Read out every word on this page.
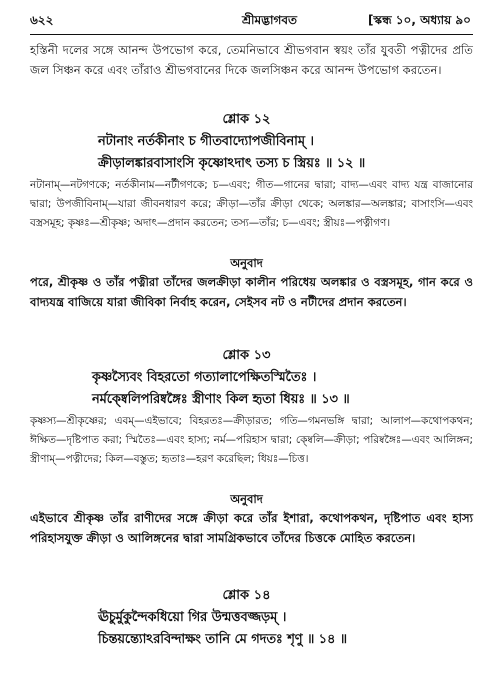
৬২২	শ্রীমদ্ভাগবত	[স্কন্ধ ১০, অধ্যায় ৯০
হস্তিনী দলের সঙ্গে আনন্দ উপভোগ করে, তেমনিভাবে শ্রীভগবান স্বয়ং তাঁর যুবতী পত্নীদের প্রতি জল সিঞ্চন করে এবং তাঁরাও শ্রীভগবানের দিকে জলসিঞ্চন করে আনন্দ উপভোগ করতেন।
শ্লোক ১২
নটানাং নর্তকীনাং চ গীতবাদ্যোপজীবিনাম্ ।
ক্রীড়ালঙ্কারবাসাংসি কৃষ্ণোঽদাৎ তস্য চ স্ত্রিয়ঃ ॥ ১২ ॥
নটানাম্—নটগণকে; নর্তকীনাম—নর্টীগণকে; চ—এবং; গীত—গানের দ্বারা; বাদ্য—এবং বাদ্য যন্ত্র বাজানোর দ্বারা; উপজীবিনাম্—যারা জীবনধারণ করে; ক্রীড়া—তাঁর ক্রীড়া থেকে; অলঙ্কার—অলঙ্কার; বাসাংসি—এবং বস্ত্রসমূহ; কৃষ্ণঃ—শ্রীকৃষ্ণ; অদাৎ—প্রদান করতেন; তস্য—তাঁর; চ—এবং; স্ত্রীয়ঃ—পত্নীগণ।
অনুবাদ
পরে, শ্রীকৃষ্ণ ও তাঁর পত্নীরা তাঁদের জলক্রীড়া কালীন পরিধেয় অলঙ্কার ও বস্ত্রসমূহ, গান করে ও বাদ্যযন্ত্র বাজিয়ে যারা জীবিকা নির্বাহ করেন, সেইসব নট ও নটীদের প্রদান করতেন।
শ্লোক ১৩
কৃষ্ণস্যৈবং বিহরতো গত্যালাপেক্ষিতস্মিতৈঃ ।
নর্মক্ষ্বেলিপরিষ্বঙ্গৈঃ স্ত্রীণাং কিল হৃতা ধিয়ঃ ॥ ১৩ ॥
কৃষ্ণস্য—শ্রীকৃষ্ণের; এবম্—এইভাবে; বিহরতঃ—ক্রীড়ারত; গতি—গমনভঙ্গি দ্বারা; আলাপ—কথোপকথন; ঈক্ষিত—দৃষ্টিপাত করা; স্মিতৈঃ—এবং হাস্য; নর্ম—পরিহাস দ্বারা; ক্ষ্বেলি—ক্রীড়া; পরিষ্বঙ্গৈঃ—এবং আলিঙ্গন; স্ত্রীণাম্—পত্নীদের; কিল—বস্তুত; হৃতাঃ—হরণ করেছিল; ধিয়ঃ—চিত্ত।
অনুবাদ
এইভাবে শ্রীকৃষ্ণ তাঁর রাণীদের সঙ্গে ক্রীড়া করে তাঁর ইশারা, কথোপকথন, দৃষ্টিপাত এবং হাস্য পরিহাসযুক্ত ক্রীড়া ও আলিঙ্গনের দ্বারা সামগ্রিকভাবে তাঁদের চিত্তকে মোহিত করতেন।
শ্লোক ১৪
ঊচুর্মুকুন্দৈকধিয়ো গির উন্মত্তবজ্জড়ম্ ।
চিন্তয়ন্ত্যোঽরবিন্দাক্ষং তানি মে গদতঃ শৃণু ॥ ১৪ ॥
